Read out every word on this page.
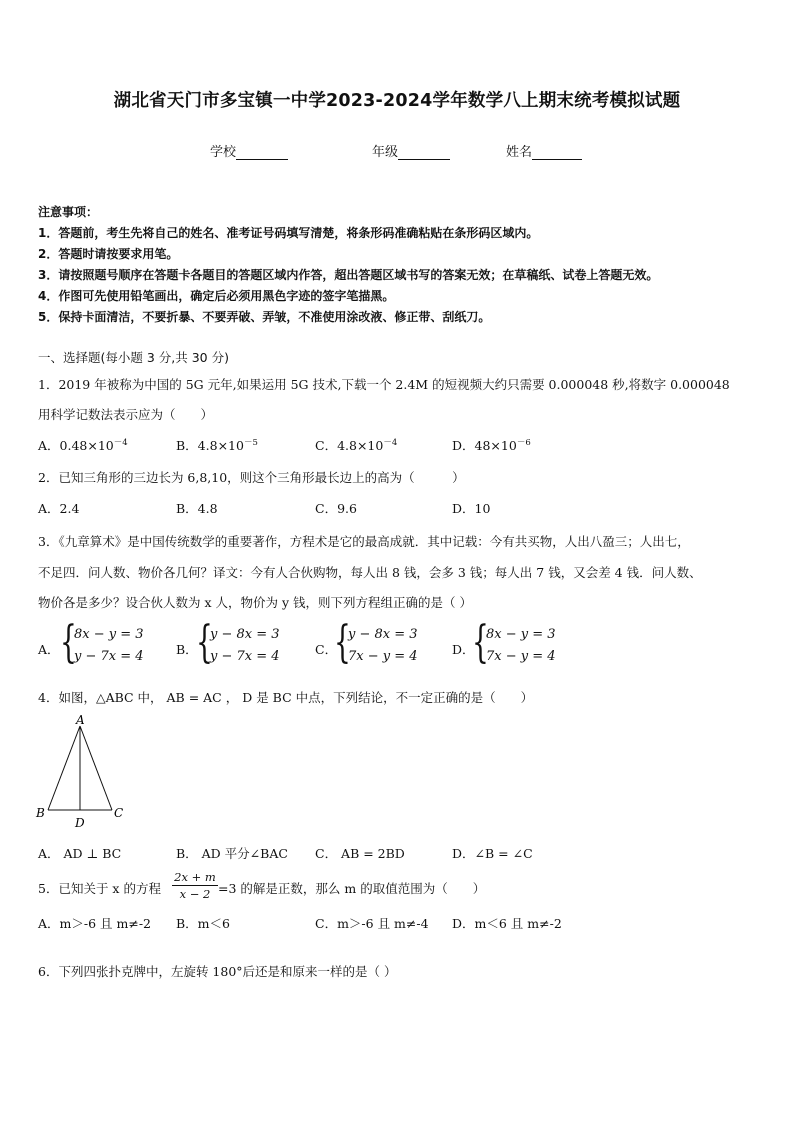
湖北省天门市多宝镇一中学2023-2024学年数学八上期末统考模拟试题
学校	年级	姓名
注意事项：
1．答题前，考生先将自己的姓名、准考证号码填写清楚，将条形码准确粘贴在条形码区域内。
2．答题时请按要求用笔。
3．请按照题号顺序在答题卡各题目的答题区域内作答，超出答题区域书写的答案无效；在草稿纸、试卷上答题无效。
4．作图可先使用铅笔画出，确定后必须用黑色字迹的签字笔描黑。
5．保持卡面清洁，不要折暴、不要弄破、弄皱，不准使用涂改液、修正带、刮纸刀。
一、选择题(每小题 3 分,共 30 分)
1．2019 年被称为中国的 5G 元年,如果运用 5G 技术,下载一个 2.4M 的短视频大约只需要 0.000048 秒,将数字 0.000048
用科学记数法表示应为（　　）
A．$0.48\times 10^{-4}$	B．$4.8\times 10^{-5}$	C．$4.8\times 10^{-4}$	D．$48\times 10^{-6}$
2．已知三角形的三边长为 6,8,10，则这个三角形最长边上的高为（　　　）
A．2.4	B．4.8	C．9.6	D．10
3．《九章算术》是中国传统数学的重要著作，方程术是它的最高成就．其中记载：今有共买物，人出八盈三；人出七，
不足四．问人数、物价各几何？译文：今有人合伙购物，每人出 8 钱，会多 3 钱；每人出 7 钱，又会差 4 钱．问人数、
物价各是多少？设合伙人数为 x 人，物价为 y 钱，则下列方程组正确的是（ ）
A． {
8x − y = 3
y − 7x = 4	B．
{
y − 8x = 3
y − 7x = 4	C．
{
y − 8x = 3
7x − y = 4	D．
{
8x − y = 3
7x − y = 4
4．如图，△ABC 中， AB = AC ， D 是 BC 中点，下列结论，不一定正确的是（　　）
A
B	C
D
A． AD ⊥ BC	B． AD 平分∠BAC C． AB = 2BD	D．∠B = ∠C
5．已知关于 x 的方程
2x + m
x − 2 =3 的解是正数，那么 m 的取值范围为（　　）
A．m＞-6 且 m≠-2 B．m＜6	C．m＞-6 且 m≠-4 D．m＜6 且 m≠-2
6．下列四张扑克牌中，左旋转 180°后还是和原来一样的是（ ）
